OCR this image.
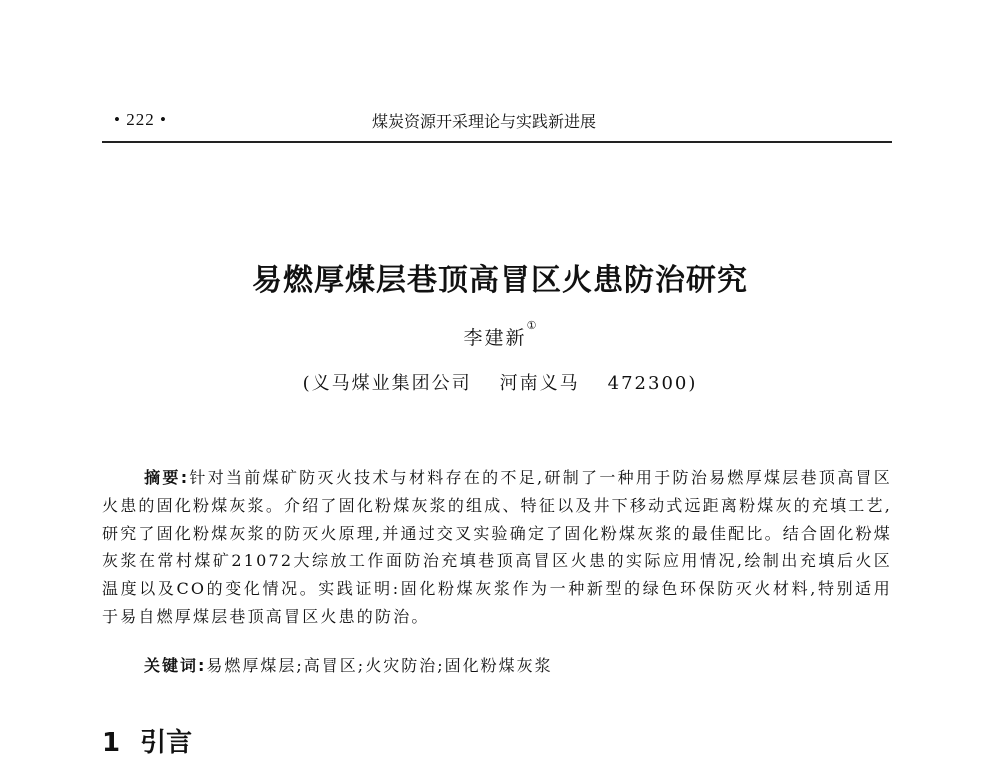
• 222 •	煤炭资源开采理论与实践新进展
易燃厚煤层巷顶高冒区火患防治研究
李建新①
(义马煤业集团公司 河南义马 472300)
摘要:针对当前煤矿防灭火技术与材料存在的不足,研制了一种用于防治易燃厚煤层巷顶高冒区火患的固化粉煤灰浆。介绍了固化粉煤灰浆的组成、特征以及井下移动式远距离粉煤灰的充填工艺,研究了固化粉煤灰浆的防灭火原理,并通过交叉实验确定了固化粉煤灰浆的最佳配比。结合固化粉煤灰浆在常村煤矿21072大综放工作面防治充填巷顶高冒区火患的实际应用情况,绘制出充填后火区温度以及CO的变化情况。实践证明:固化粉煤灰浆作为一种新型的绿色环保防灭火材料,特别适用于易自燃厚煤层巷顶高冒区火患的防治。
关键词:易燃厚煤层;高冒区;火灾防治;固化粉煤灰浆
1 引言
